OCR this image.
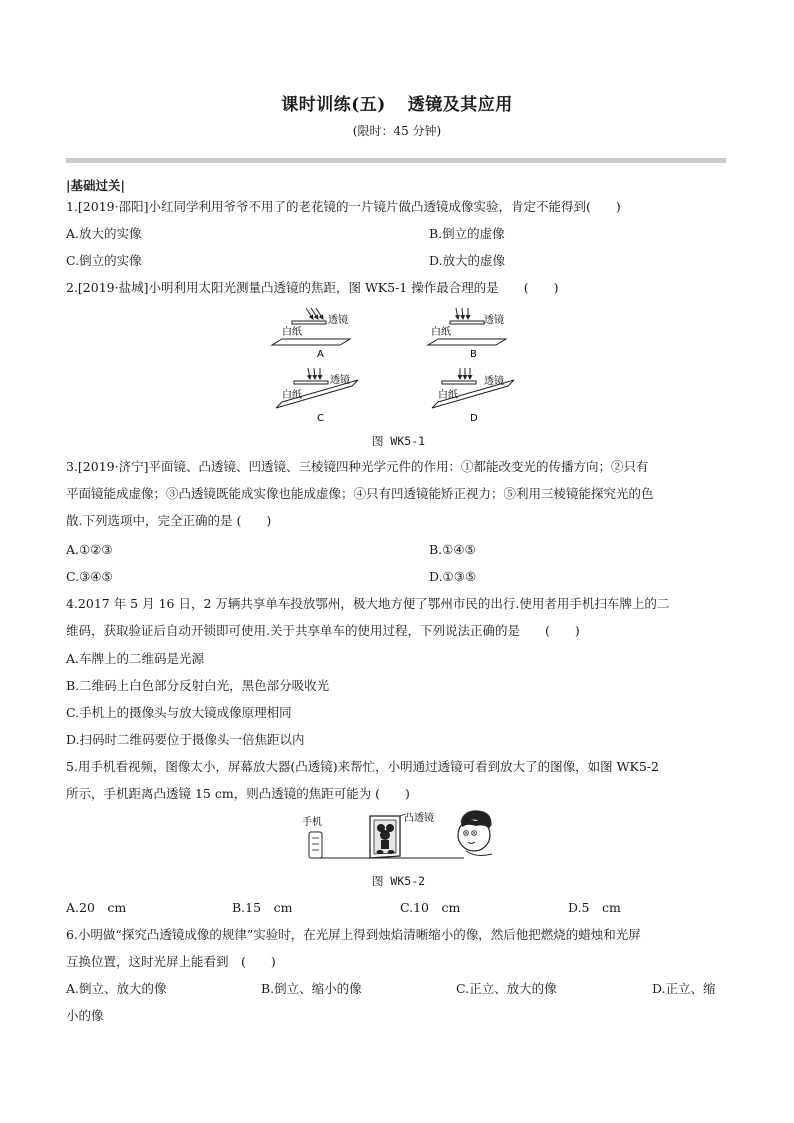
课时训练(五) 透镜及其应用
(限时：45 分钟)
|基础过关|
1.[2019·邵阳]小红同学利用爷爷不用了的老花镜的一片镜片做凸透镜成像实验，肯定不能得到(　　)
A.放大的实像	B.倒立的虚像
C.倒立的实像	D.放大的虚像
2.[2019·盐城]小明利用太阳光测量凸透镜的焦距，图 WK5-1 操作最合理的是　　(　　)
透镜
白纸
A
透镜
白纸
B
透镜
白纸
C
透镜
白纸
D
图 WK5-1
3.[2019·济宁]平面镜、凸透镜、凹透镜、三棱镜四种光学元件的作用：①都能改变光的传播方向；②只有
平面镜能成虚像；③凸透镜既能成实像也能成虚像；④只有凹透镜能矫正视力；⑤利用三棱镜能探究光的色
散.下列选项中，完全正确的是 (　　)
A.①②③	B.①④⑤
C.③④⑤	D.①③⑤
4.2017 年 5 月 16 日，2 万辆共享单车投放鄂州，极大地方便了鄂州市民的出行.使用者用手机扫车牌上的二
维码，获取验证后自动开锁即可使用.关于共享单车的使用过程，下列说法正确的是　　(　　)
A.车牌上的二维码是光源
B.二维码上白色部分反射白光，黑色部分吸收光
C.手机上的摄像头与放大镜成像原理相同
D.扫码时二维码要位于摄像头一倍焦距以内
5.用手机看视频，图像太小，屏幕放大器(凸透镜)来帮忙，小明通过透镜可看到放大了的图像，如图 WK5-2
所示，手机距离凸透镜 15 cm，则凸透镜的焦距可能为 (　　)
手机	凸透镜
图 WK5-2
A.20　cm	B.15　cm	C.10　cm	D.5　cm
6.小明做“探究凸透镜成像的规律”实验时，在光屏上得到烛焰清晰缩小的像，然后他把燃烧的蜡烛和光屏
互换位置，这时光屏上能看到　(　　)
A.倒立、放大的像	B.倒立、缩小的像	C.正立、放大的像	D.正立、缩
小的像
